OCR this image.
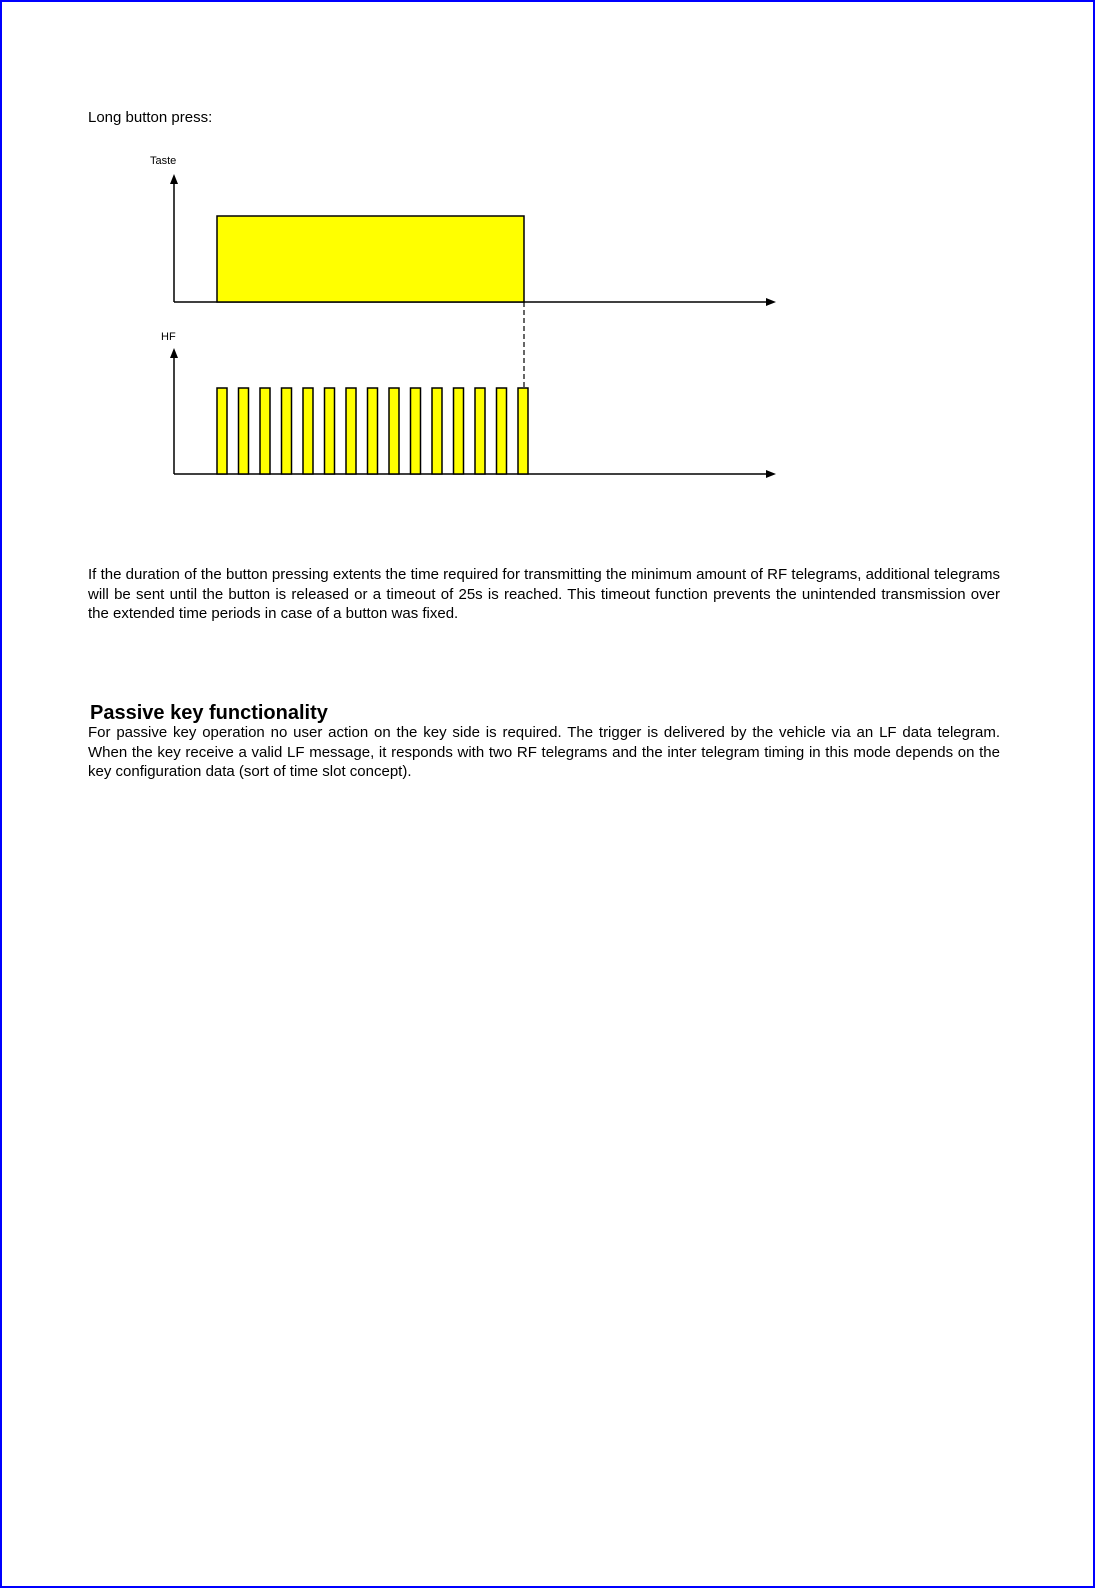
Long button press:

Taste
HF

If the duration of the button pressing extents the time required for transmitting the minimum amount of RF telegrams, additional telegrams will be sent until the button is released or a timeout of 25s is reached. This timeout function prevents the unintended transmission over the extended time periods in case of a button was fixed.

Passive key functionality

For passive key operation no user action on the key side is required. The trigger is delivered by the vehicle via an LF data telegram. When the key receive a valid LF message, it responds with two RF telegrams and the inter telegram timing in this mode depends on the key configuration data (sort of time slot concept).
